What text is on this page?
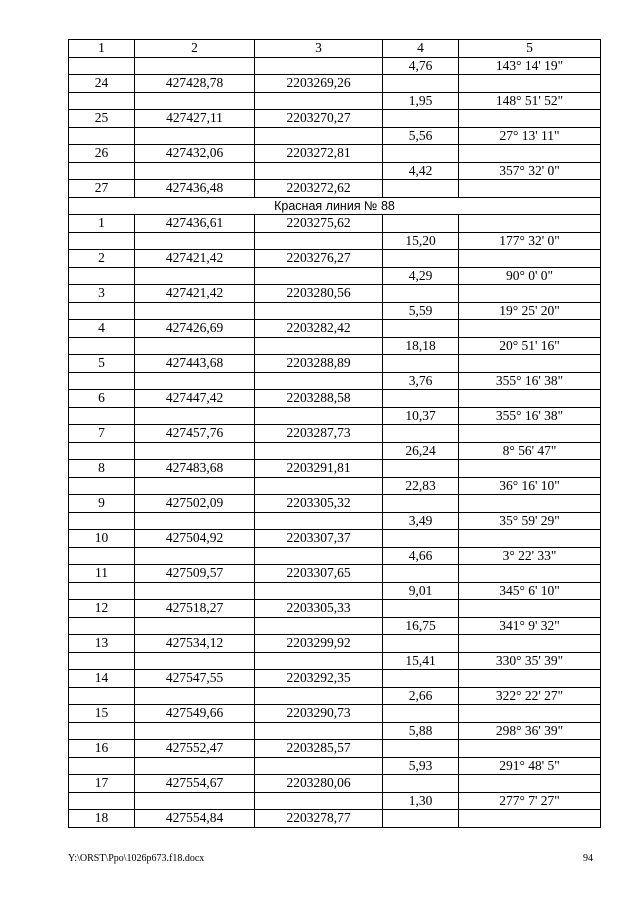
1	2	3	4	5
			4,76	143° 14' 19"
24	427428,78	2203269,26		
			1,95	148° 51' 52"
25	427427,11	2203270,27		
			5,56	27° 13' 11"
26	427432,06	2203272,81		
			4,42	357° 32' 0"
27	427436,48	2203272,62		
Красная линия № 88				
1	427436,61	2203275,62		
			15,20	177° 32' 0"
2	427421,42	2203276,27		
			4,29	90° 0' 0"
3	427421,42	2203280,56		
			5,59	19° 25' 20"
4	427426,69	2203282,42		
			18,18	20° 51' 16"
5	427443,68	2203288,89		
			3,76	355° 16' 38"
6	427447,42	2203288,58		
			10,37	355° 16' 38"
7	427457,76	2203287,73		
			26,24	8° 56' 47"
8	427483,68	2203291,81		
			22,83	36° 16' 10"
9	427502,09	2203305,32		
			3,49	35° 59' 29"
10	427504,92	2203307,37		
			4,66	3° 22' 33"
11	427509,57	2203307,65		
			9,01	345° 6' 10"
12	427518,27	2203305,33		
			16,75	341° 9' 32"
13	427534,12	2203299,92		
			15,41	330° 35' 39"
14	427547,55	2203292,35		
			2,66	322° 22' 27"
15	427549,66	2203290,73		
			5,88	298° 36' 39"
16	427552,47	2203285,57		
			5,93	291° 48' 5"
17	427554,67	2203280,06		
			1,30	277° 7' 27"
18	427554,84	2203278,77		
Y:\ORST\Ppo\1026p673.f18.docx	94
